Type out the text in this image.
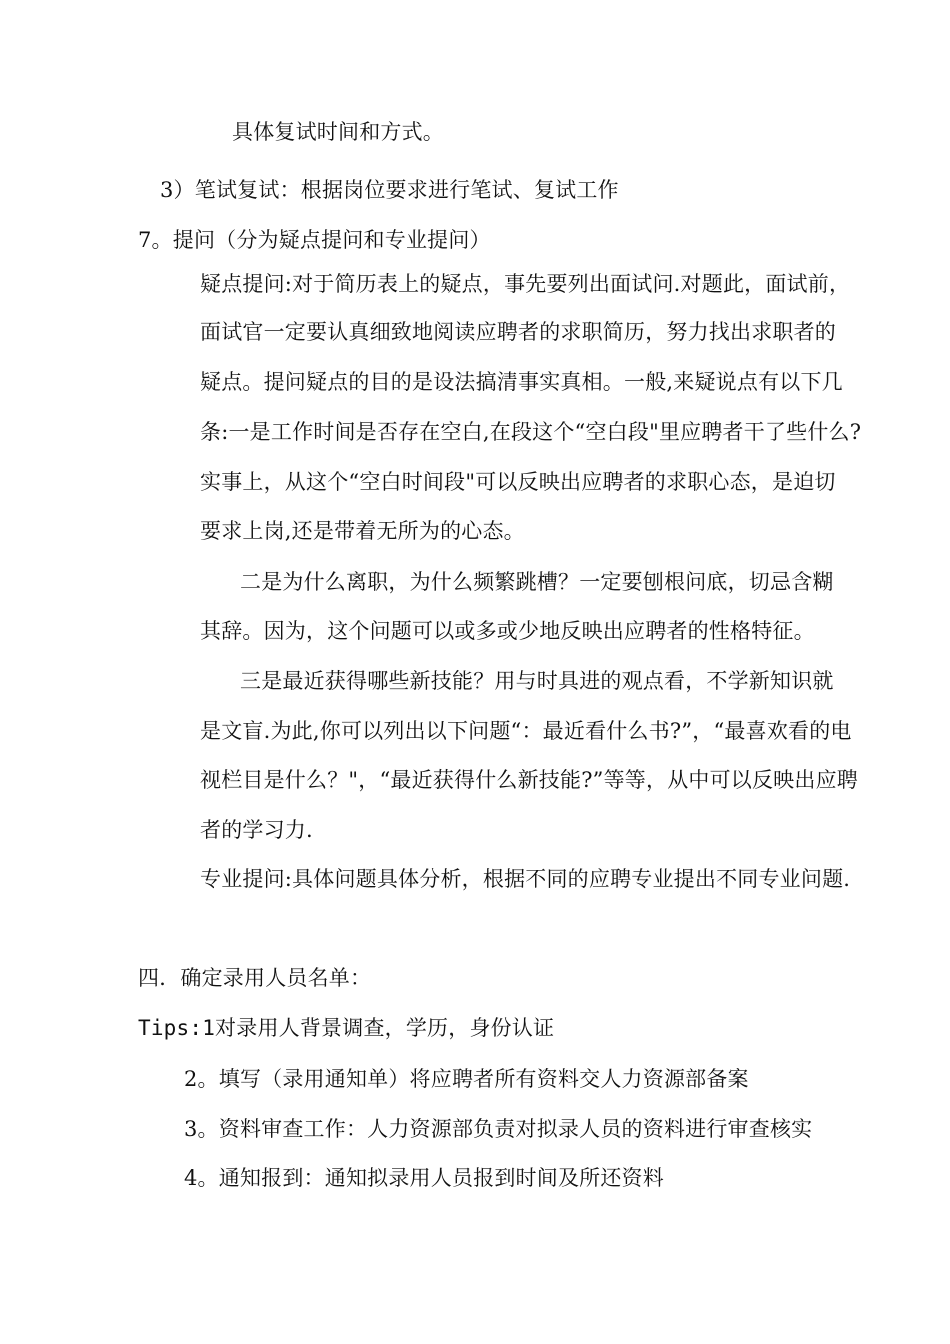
具体复试时间和方式。
3）笔试复试：根据岗位要求进行笔试、复试工作
7。提问（分为疑点提问和专业提问）
疑点提问:对于简历表上的疑点，事先要列出面试问.对题此，面试前，
面试官一定要认真细致地阅读应聘者的求职简历，努力找出求职者的
疑点。提问疑点的目的是设法搞清事实真相。一般,来疑说点有以下几
条:一是工作时间是否存在空白,在段这个“空白段"里应聘者干了些什么?
实事上，从这个“空白时间段"可以反映出应聘者的求职心态，是迫切
要求上岗,还是带着无所为的心态。
二是为什么离职，为什么频繁跳槽？一定要刨根问底，切忌含糊
其辞。因为，这个问题可以或多或少地反映出应聘者的性格特征。
三是最近获得哪些新技能？用与时具进的观点看，不学新知识就
是文盲.为此,你可以列出以下问题“：最近看什么书?”，“最喜欢看的电
视栏目是什么？"，“最近获得什么新技能?”等等，从中可以反映出应聘
者的学习力.
专业提问:具体问题具体分析，根据不同的应聘专业提出不同专业问题.
四．确定录用人员名单：
Tips:1对录用人背景调查，学历，身份认证
2。填写（录用通知单）将应聘者所有资料交人力资源部备案
3。资料审查工作：人力资源部负责对拟录人员的资料进行审查核实
4。通知报到：通知拟录用人员报到时间及所还资料
